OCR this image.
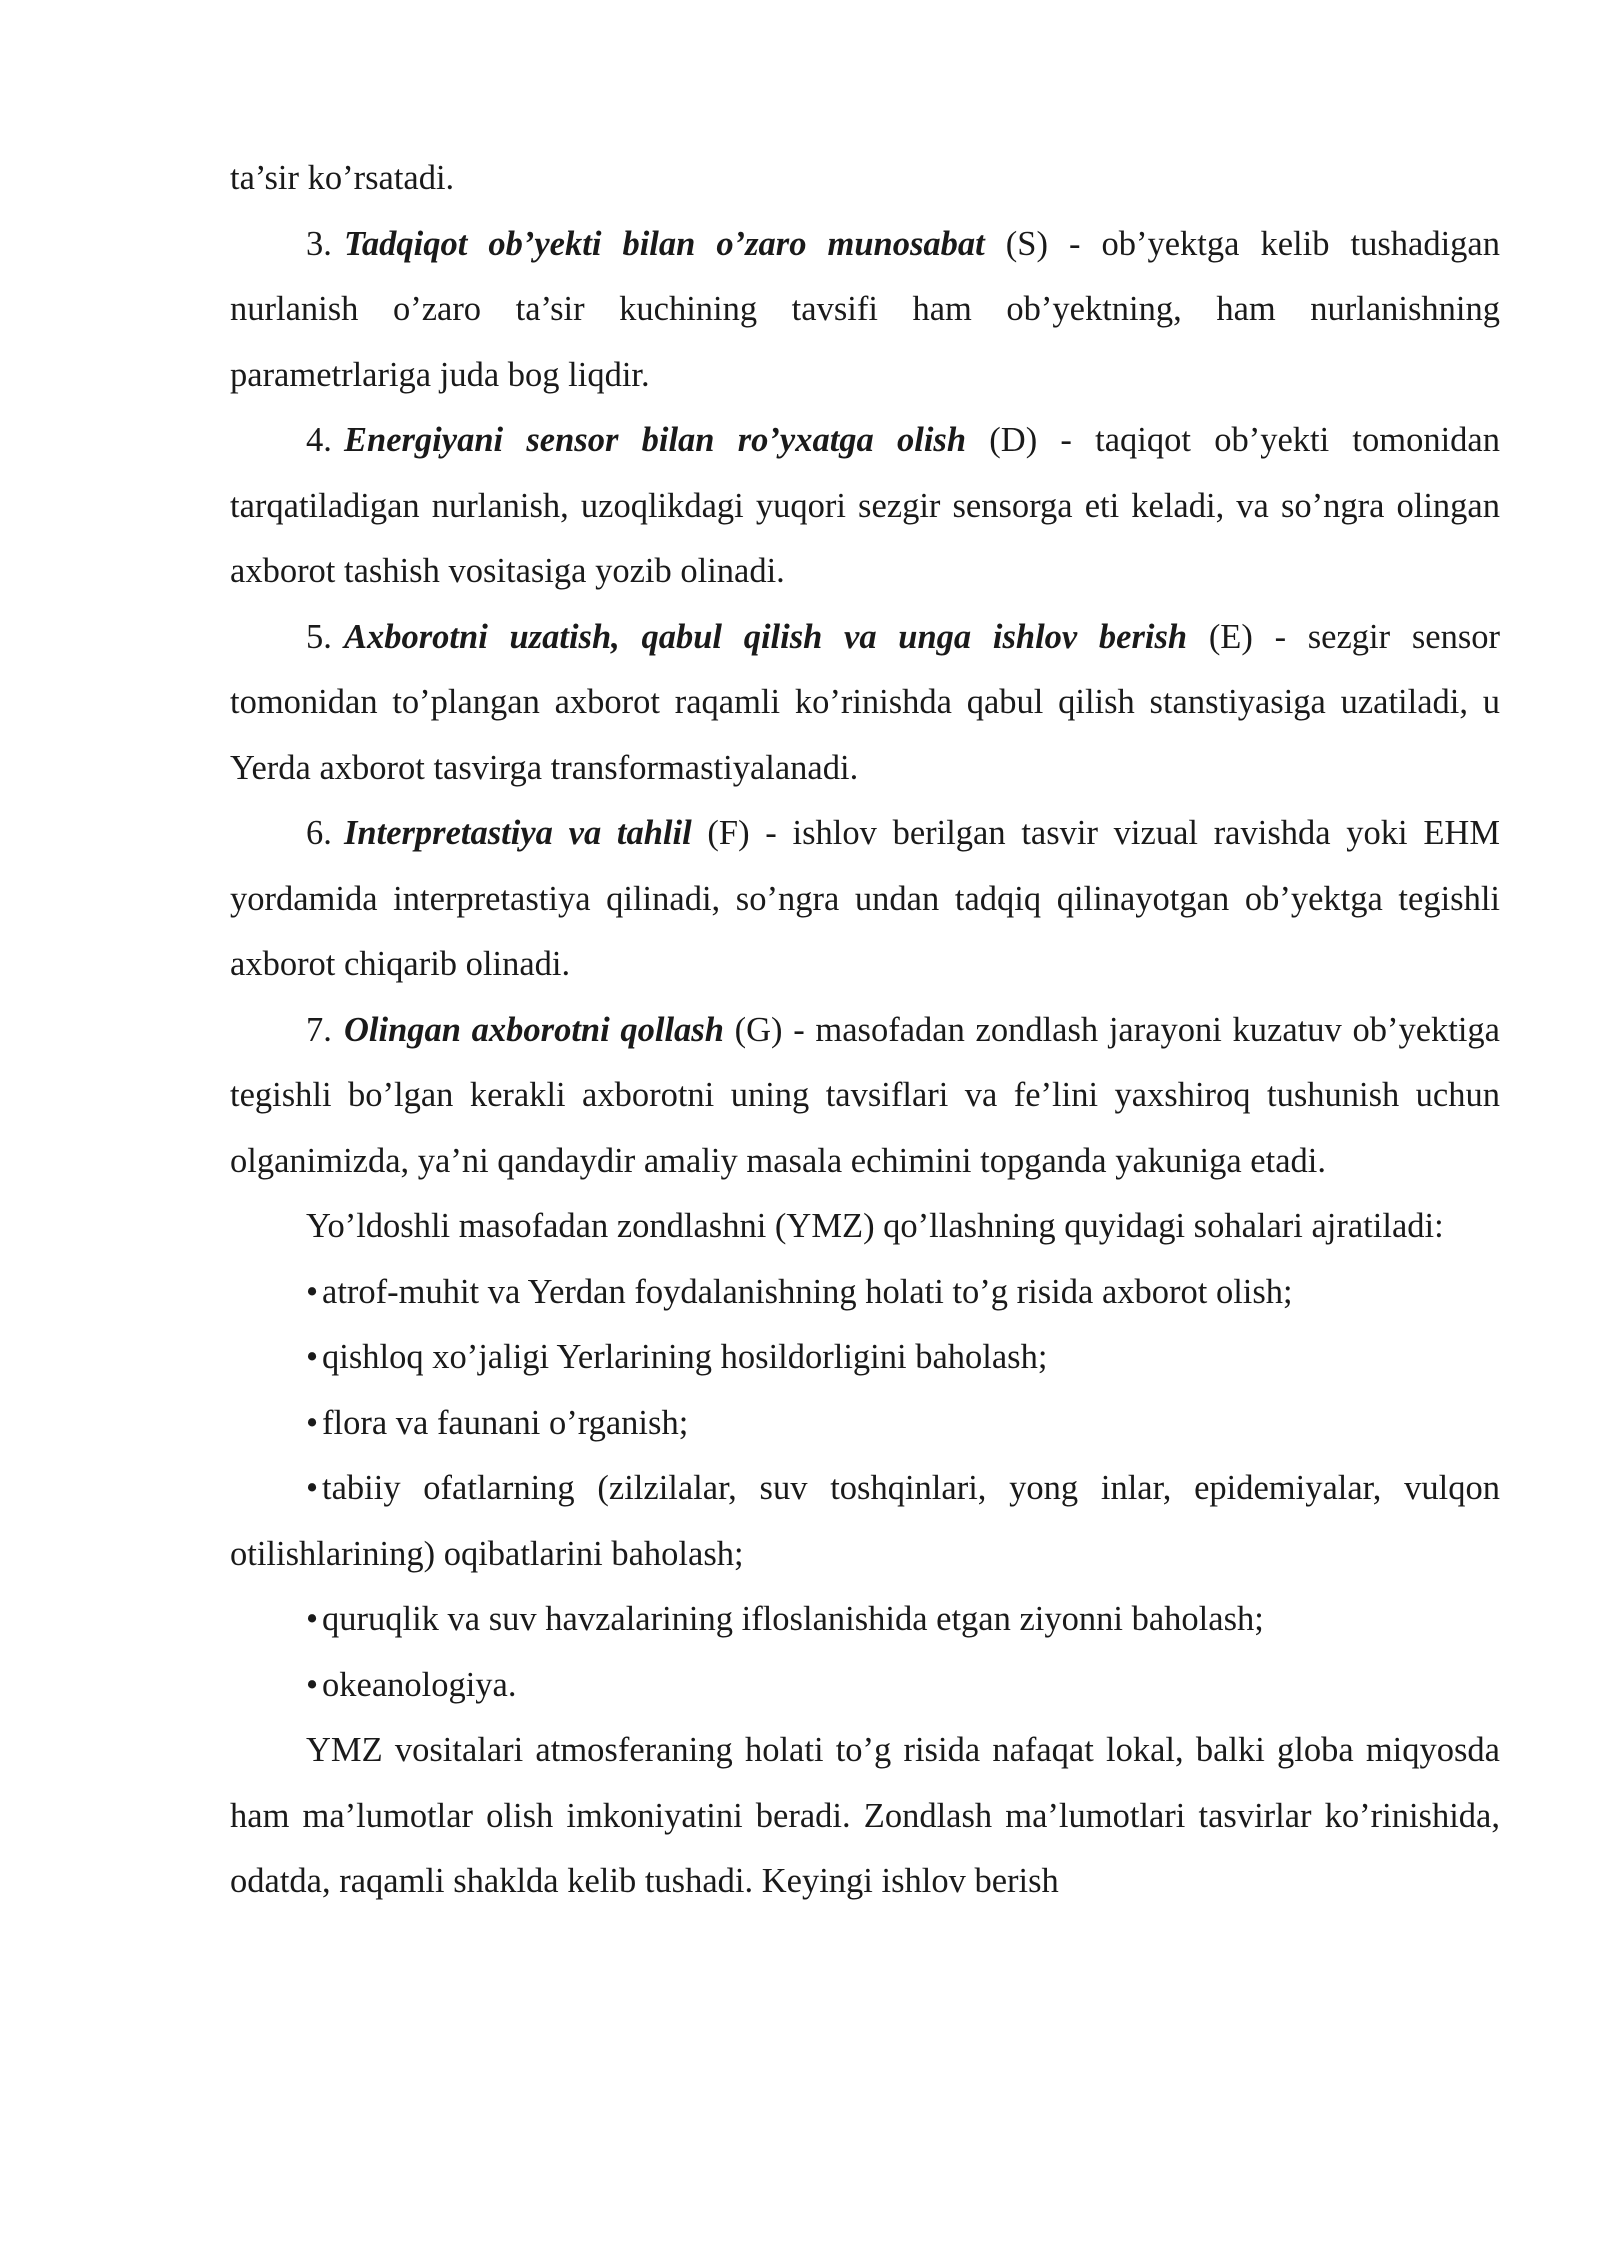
ta’sir ko’rsatadi.

3. Tadqiqot ob’yekti bilan o’zaro munosabat (S) - ob’yektga kelib tushadigan nurlanish o’zaro ta’sir kuchining tavsifi ham ob’yektning, ham nurlanishning parametrlariga juda bog liqdir.

4. Energiyani sensor bilan ro’yxatga olish (D) - taqiqot ob’yekti tomonidan tarqatiladigan nurlanish, uzoqlikdagi yuqori sezgir sensorga eti keladi, va so’ngra olingan axborot tashish vositasiga yozib olinadi.

5. Axborotni uzatish, qabul qilish va unga ishlov berish (E) - sezgir sensor tomonidan to’plangan axborot raqamli ko’rinishda qabul qilish stanstiyasiga uzatiladi, u Yerda axborot tasvirga transformastiyalanadi.

6. Interpretastiya va tahlil (F) - ishlov berilgan tasvir vizual ravishda yoki EHM yordamida interpretastiya qilinadi, so’ngra undan tadqiq qilinayotgan ob’yektga tegishli axborot chiqarib olinadi.

7. Olingan axborotni qollash (G) - masofadan zondlash jarayoni kuzatuv ob’yektiga tegishli bo’lgan kerakli axborotni uning tavsiflari va fe’lini yaxshiroq tushunish uchun olganimizda, ya’ni qandaydir amaliy masala echimini topganda yakuniga etadi.

Yo’ldoshli masofadan zondlashni (YMZ) qo’llashning quyidagi sohalari ajratiladi:

• atrof-muhit va Yerdan foydalanishning holati to’g risida axborot olish;

• qishloq xo’jaligi Yerlarining hosildorligini baholash;

• flora va faunani o’rganish;

• tabiiy ofatlarning (zilzilalar, suv toshqinlari, yong inlar, epidemiyalar, vulqon otilishlarining) oqibatlarini baholash;

• quruqlik va suv havzalarining ifloslanishida etgan ziyonni baholash;

• okeanologiya.

YMZ vositalari atmosferaning holati to’g risida nafaqat lokal, balki globa miqyosda ham ma’lumotlar olish imkoniyatini beradi. Zondlash ma’lumotlari tasvirlar ko’rinishida, odatda, raqamli shaklda kelib tushadi. Keyingi ishlov berish
